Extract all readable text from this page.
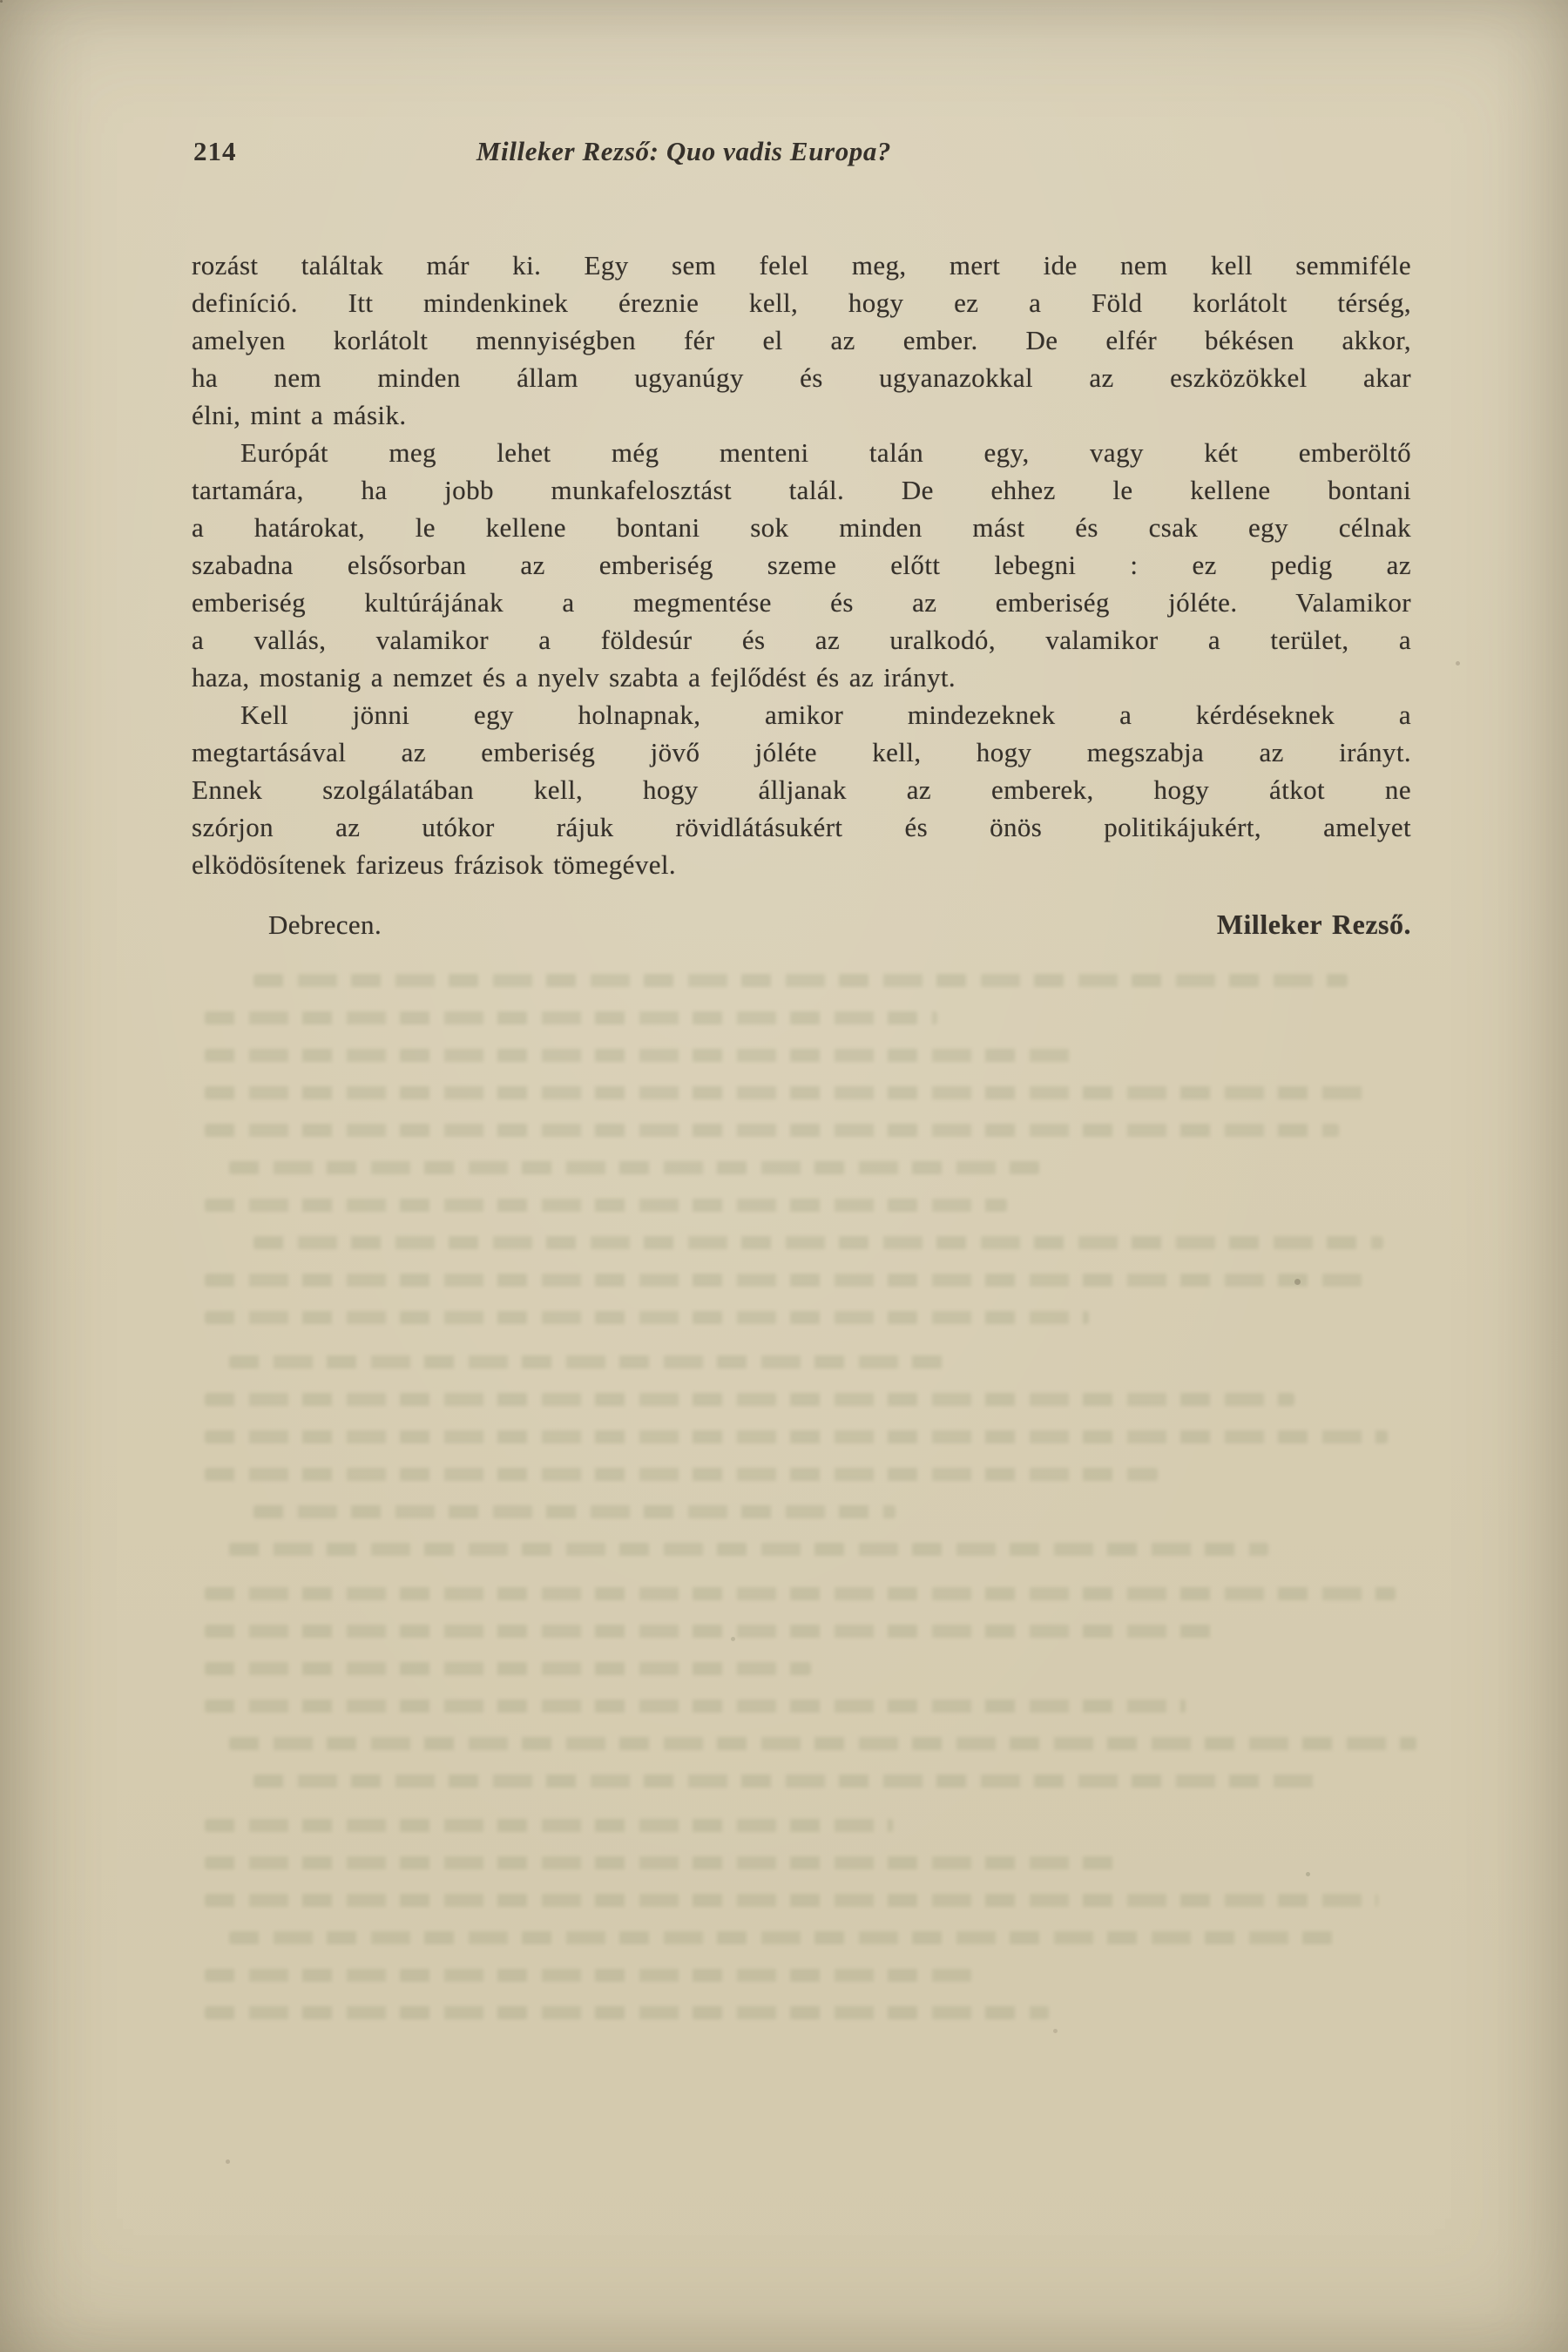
214	Milleker Rezső: Quo vadis Europa?
rozást találtak már ki. Egy sem felel meg, mert ide nem kell semmiféle
definíció. Itt mindenkinek éreznie kell, hogy ez a Föld korlátolt térség,
amelyen korlátolt mennyiségben fér el az ember. De elfér békésen akkor,
ha nem minden állam ugyanúgy és ugyanazokkal az eszközökkel akar
élni, mint a másik.
Európát meg lehet még menteni talán egy, vagy két emberöltő
tartamára, ha jobb munkafelosztást talál. De ehhez le kellene bontani
a határokat, le kellene bontani sok minden mást és csak egy célnak
szabadna elsősorban az emberiség szeme előtt lebegni : ez pedig az
emberiség kultúrájának a megmentése és az emberiség jóléte. Valamikor
a vallás, valamikor a földesúr és az uralkodó, valamikor a terület, a
haza, mostanig a nemzet és a nyelv szabta a fejlődést és az irányt.
Kell jönni egy holnapnak, amikor mindezeknek a kérdéseknek a
megtartásával az emberiség jövő jóléte kell, hogy megszabja az irányt.
Ennek szolgálatában kell, hogy álljanak az emberek, hogy átkot ne
szórjon az utókor rájuk rövidlátásukért és önös politikájukért, amelyet
elködösítenek farizeus frázisok tömegével.
Debrecen.	Milleker Rezső.
